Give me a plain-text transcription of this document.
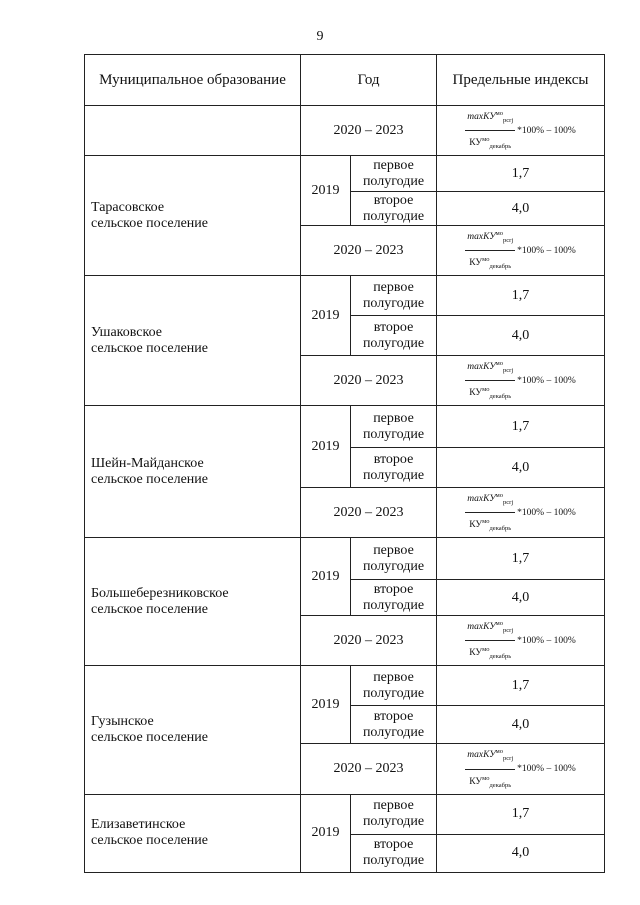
9
Муниципальное образование	Год		Предельные индексы
	2020 – 2023		$\frac{\max КУ^{мо}_{pcrj}}{КУ^{мо}_{декабрь}} *100\% - 100\%$

Тарасовское
сельское поселение	2019	первое полугодие	1,7
		второе полугодие	4,0
	2020 – 2023		$\frac{\max КУ^{мо}_{pcrj}}{КУ^{мо}_{декабрь}} *100\% - 100\%$

Ушаковское
сельское поселение	2019	первое полугодие	1,7
		второе полугодие	4,0
	2020 – 2023		$\frac{\max КУ^{мо}_{pcrj}}{КУ^{мо}_{декабрь}} *100\% - 100\%$

Шейн-Майданское
сельское поселение	2019	первое полугодие	1,7
		второе полугодие	4,0
	2020 – 2023		$\frac{\max КУ^{мо}_{pcrj}}{КУ^{мо}_{декабрь}} *100\% - 100\%$

Большеберезниковское
сельское поселение	2019	первое полугодие	1,7
		второе полугодие	4,0
	2020 – 2023		$\frac{\max КУ^{мо}_{pcrj}}{КУ^{мо}_{декабрь}} *100\% - 100\%$

Гузынское
сельское поселение	2019	первое полугодие	1,7
		второе полугодие	4,0
	2020 – 2023		$\frac{\max КУ^{мо}_{pcrj}}{КУ^{мо}_{декабрь}} *100\% - 100\%$

Елизаветинское
сельское поселение	2019	первое полугодие	1,7
		второе полугодие	4,0
